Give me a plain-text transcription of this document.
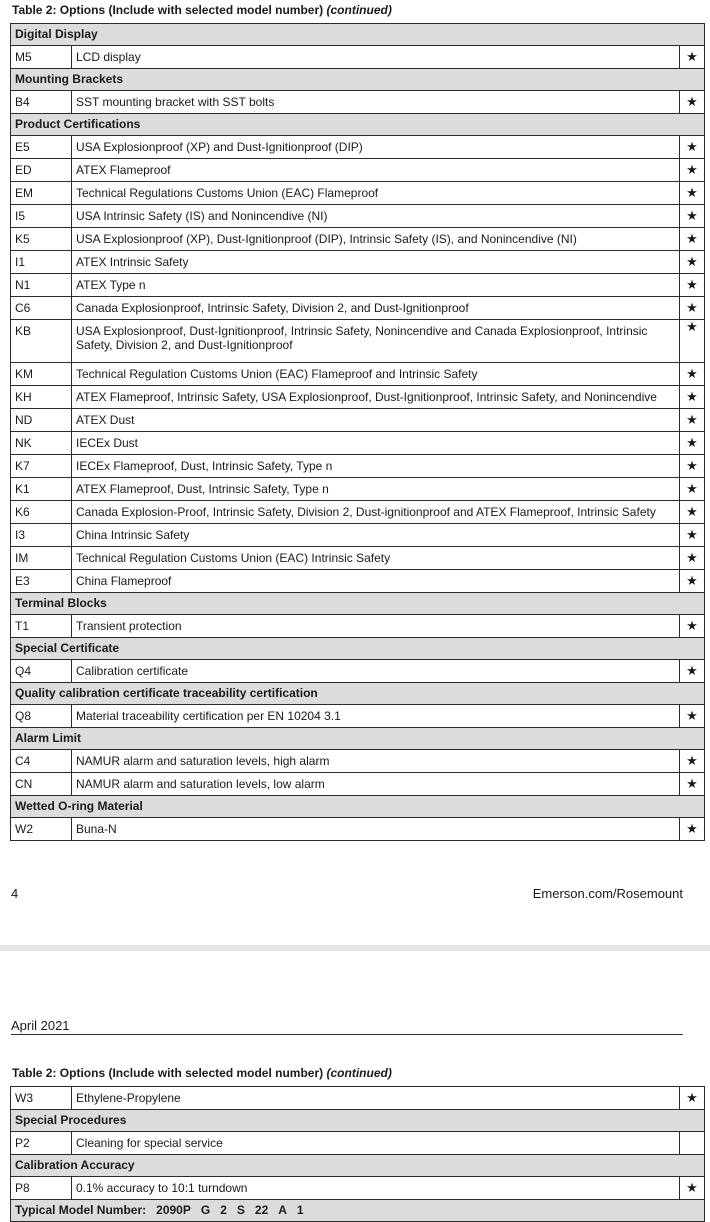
Table 2: Options (Include with selected model number) (continued)
Digital Display		
M5	LCD display	★
Mounting Brackets		
B4	SST mounting bracket with SST bolts	★
Product Certifications		
E5	USA Explosionproof (XP) and Dust-Ignitionproof (DIP)	★
ED	ATEX Flameproof	★
EM	Technical Regulations Customs Union (EAC) Flameproof	★
I5	USA Intrinsic Safety (IS) and Nonincendive (NI)	★
K5	USA Explosionproof (XP), Dust-Ignitionproof (DIP), Intrinsic Safety (IS), and Nonincendive (NI)	★
I1	ATEX Intrinsic Safety	★
N1	ATEX Type n	★
C6	Canada Explosionproof, Intrinsic Safety, Division 2, and Dust-Ignitionproof	★
KB	USA Explosionproof, Dust-Ignitionproof, Intrinsic Safety, Nonincendive and Canada Explosionproof, Intrinsic Safety, Division 2, and Dust-Ignitionproof	★
KM	Technical Regulation Customs Union (EAC) Flameproof and Intrinsic Safety	★
KH	ATEX Flameproof, Intrinsic Safety, USA Explosionproof, Dust-Ignitionproof, Intrinsic Safety, and Nonincendive	★
ND	ATEX Dust	★
NK	IECEx Dust	★
K7	IECEx Flameproof, Dust, Intrinsic Safety, Type n	★
K1	ATEX Flameproof, Dust, Intrinsic Safety, Type n	★
K6	Canada Explosion-Proof, Intrinsic Safety, Division 2, Dust-ignitionproof and ATEX Flameproof, Intrinsic Safety	★
I3	China Intrinsic Safety	★
IM	Technical Regulation Customs Union (EAC) Intrinsic Safety	★
E3	China Flameproof	★
Terminal Blocks		
T1	Transient protection	★
Special Certificate		
Q4	Calibration certificate	★
Quality calibration certificate traceability certification		
Q8	Material traceability certification per EN 10204 3.1	★
Alarm Limit		
C4	NAMUR alarm and saturation levels, high alarm	★
CN	NAMUR alarm and saturation levels, low alarm	★
Wetted O-ring Material		
W2	Buna-N	★
4	Emerson.com/Rosemount
April 2021
Table 2: Options (Include with selected model number) (continued)
W3	Ethylene-Propylene	★
Special Procedures		
P2	Cleaning for special service	
Calibration Accuracy		
P8	0.1% accuracy to 10:1 turndown	★
Typical Model Number: 2090P G 2 S 22 A 1		
